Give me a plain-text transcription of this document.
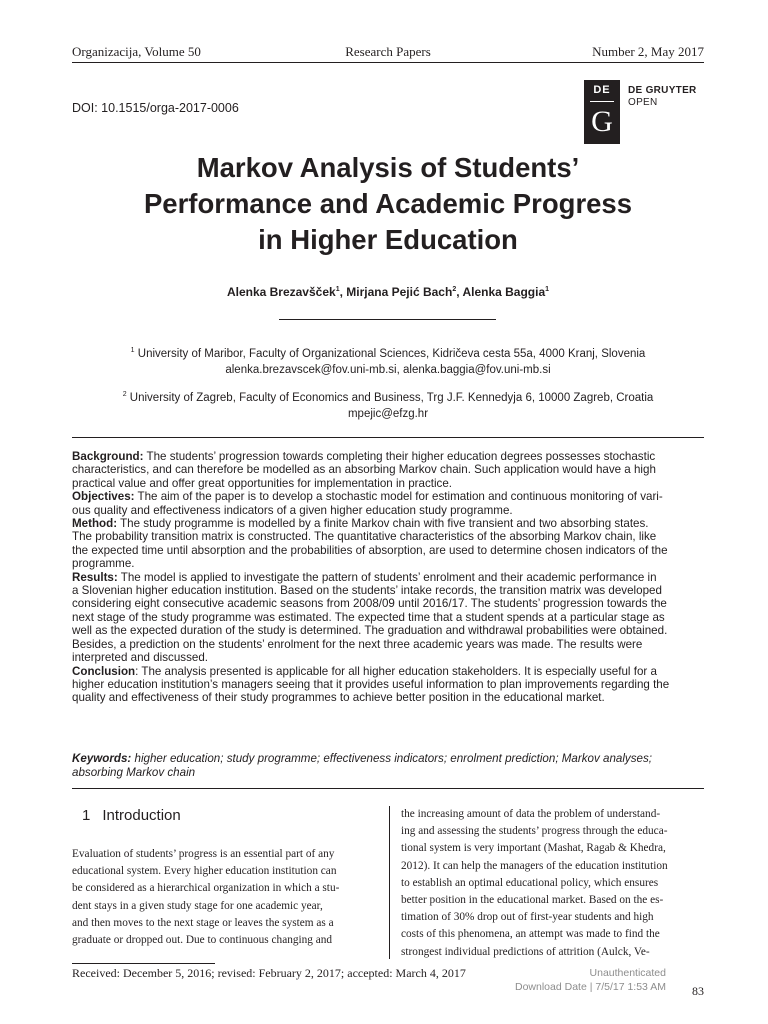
Organizacija, Volume 50	Research Papers	Number 2, May 2017
DE
G
DE GRUYTER
OPEN
DOI: 10.1515/orga-2017-0006
Markov Analysis of Students’
Performance and Academic Progress
in Higher Education
Alenka Brezavšček$^1$, Mirjana Pejić Bach$^2$, Alenka Baggia$^1$
$^1$ University of Maribor, Faculty of Organizational Sciences, Kidričeva cesta 55a, 4000 Kranj, Slovenia
alenka.brezavscek@fov.uni-mb.si, alenka.baggia@fov.uni-mb.si
$^2$ University of Zagreb, Faculty of Economics and Business, Trg J.F. Kennedyja 6, 10000 Zagreb, Croatia
mpejic@efzg.hr
Background: The students’ progression towards completing their higher education degrees possesses stochastic
characteristics, and can therefore be modelled as an absorbing Markov chain. Such application would have a high
practical value and offer great opportunities for implementation in practice.
Objectives: The aim of the paper is to develop a stochastic model for estimation and continuous monitoring of vari-
ous quality and effectiveness indicators of a given higher education study programme.
Method: The study programme is modelled by a finite Markov chain with five transient and two absorbing states.
The probability transition matrix is constructed. The quantitative characteristics of the absorbing Markov chain, like
the expected time until absorption and the probabilities of absorption, are used to determine chosen indicators of the
programme.
Results: The model is applied to investigate the pattern of students’ enrolment and their academic performance in
a Slovenian higher education institution. Based on the students’ intake records, the transition matrix was developed
considering eight consecutive academic seasons from 2008/09 until 2016/17. The students’ progression towards the
next stage of the study programme was estimated. The expected time that a student spends at a particular stage as
well as the expected duration of the study is determined. The graduation and withdrawal probabilities were obtained.
Besides, a prediction on the students’ enrolment for the next three academic years was made. The results were
interpreted and discussed.
Conclusion: The analysis presented is applicable for all higher education stakeholders. It is especially useful for a
higher education institution’s managers seeing that it provides useful information to plan improvements regarding the
quality and effectiveness of their study programmes to achieve better position in the educational market.
Keywords: higher education; study programme; effectiveness indicators; enrolment prediction; Markov analyses;
absorbing Markov chain
1 Introduction
Evaluation of students’ progress is an essential part of any
educational system. Every higher education institution can
be considered as a hierarchical organization in which a stu-
dent stays in a given study stage for one academic year,
and then moves to the next stage or leaves the system as a
graduate or dropped out. Due to continuous changing and
the increasing amount of data the problem of understand-
ing and assessing the students’ progress through the educa-
tional system is very important (Mashat, Ragab & Khedra,
2012). It can help the managers of the education institution
to establish an optimal educational policy, which ensures
better position in the educational market. Based on the es-
timation of 30% drop out of first-year students and high
costs of this phenomena, an attempt was made to find the
strongest individual predictions of attrition (Aulck, Ve-
Received: December 5, 2016; revised: February 2, 2017; accepted: March 4, 2017	Unauthenticated
Download Date | 7/5/17 1:53 AM	83
